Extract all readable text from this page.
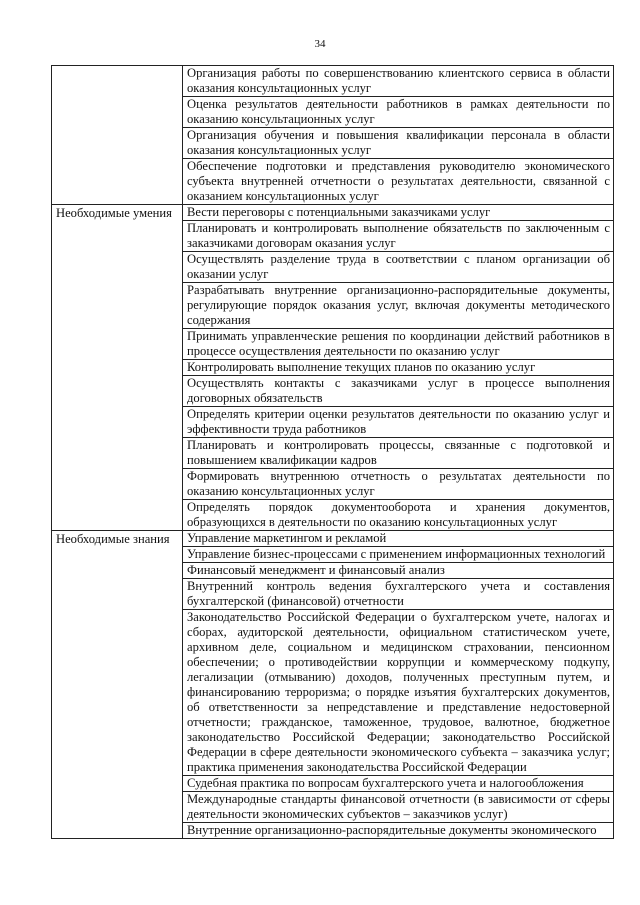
34
	Организация работы по совершенствованию клиентского сервиса в области оказания консультационных услуг
	Оценка результатов деятельности работников в рамках деятельности по оказанию консультационных услуг
	Организация обучения и повышения квалификации персонала в области оказания консультационных услуг
	Обеспечение подготовки и представления руководителю экономического субъекта внутренней отчетности о результатах деятельности, связанной с оказанием консультационных услуг

Необходимые умения	Вести переговоры с потенциальными заказчиками услуг
	Планировать и контролировать выполнение обязательств по заключенным с заказчиками договорам оказания услуг
	Осуществлять разделение труда в соответствии с планом организации об оказании услуг
	Разрабатывать внутренние организационно-распорядительные документы, регулирующие порядок оказания услуг, включая документы методического содержания
	Принимать управленческие решения по координации действий работников в процессе осуществления деятельности по оказанию услуг
	Контролировать выполнение текущих планов по оказанию услуг
	Осуществлять контакты с заказчиками услуг в процессе выполнения договорных обязательств
	Определять критерии оценки результатов деятельности по оказанию услуг и эффективности труда работников
	Планировать и контролировать процессы, связанные с подготовкой и повышением квалификации кадров
	Формировать внутреннюю отчетность о результатах деятельности по оказанию консультационных услуг
	Определять порядок документооборота и хранения документов, образующихся в деятельности по оказанию консультационных услуг

Необходимые знания	Управление маркетингом и рекламой
	Управление бизнес-процессами с применением информационных технологий
	Финансовый менеджмент и финансовый анализ
	Внутренний контроль ведения бухгалтерского учета и составления бухгалтерской (финансовой) отчетности
	Законодательство Российской Федерации о бухгалтерском учете, налогах и сборах, аудиторской деятельности, официальном статистическом учете, архивном деле, социальном и медицинском страховании, пенсионном обеспечении; о противодействии коррупции и коммерческому подкупу, легализации (отмыванию) доходов, полученных преступным путем, и финансированию терроризма; о порядке изъятия бухгалтерских документов, об ответственности за непредставление и представление недостоверной отчетности; гражданское, таможенное, трудовое, валютное, бюджетное законодательство Российской Федерации; законодательство Российской Федерации в сфере деятельности экономического субъекта – заказчика услуг; практика применения законодательства Российской Федерации
	Судебная практика по вопросам бухгалтерского учета и налогообложения
	Международные стандарты финансовой отчетности (в зависимости от сферы деятельности экономических субъектов – заказчиков услуг)
	Внутренние организационно-распорядительные документы экономического
